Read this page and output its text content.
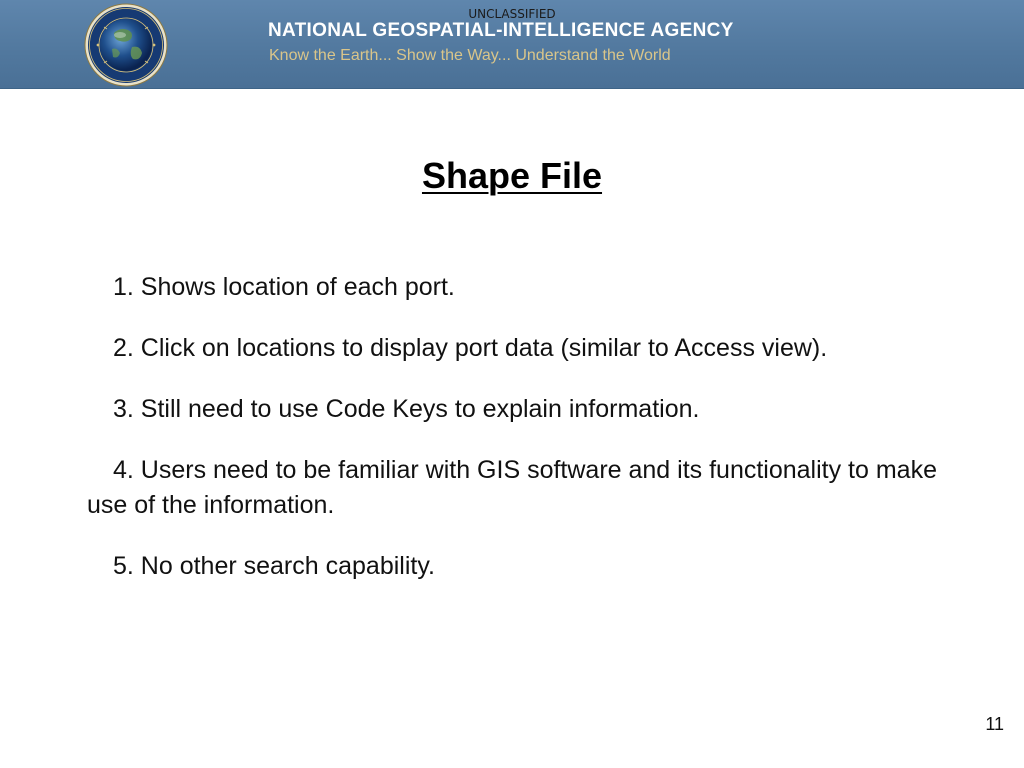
UNCLASSIFIED
NATIONAL GEOSPATIAL-INTELLIGENCE AGENCY
Know the Earth... Show the Way... Understand the World
Shape File
1. Shows location of each port.
2. Click on locations to display port data (similar to Access view).
3. Still need to use Code Keys to explain information.
4. Users need to be familiar with GIS software and its functionality to make use of the information.
5. No other search capability.
11
